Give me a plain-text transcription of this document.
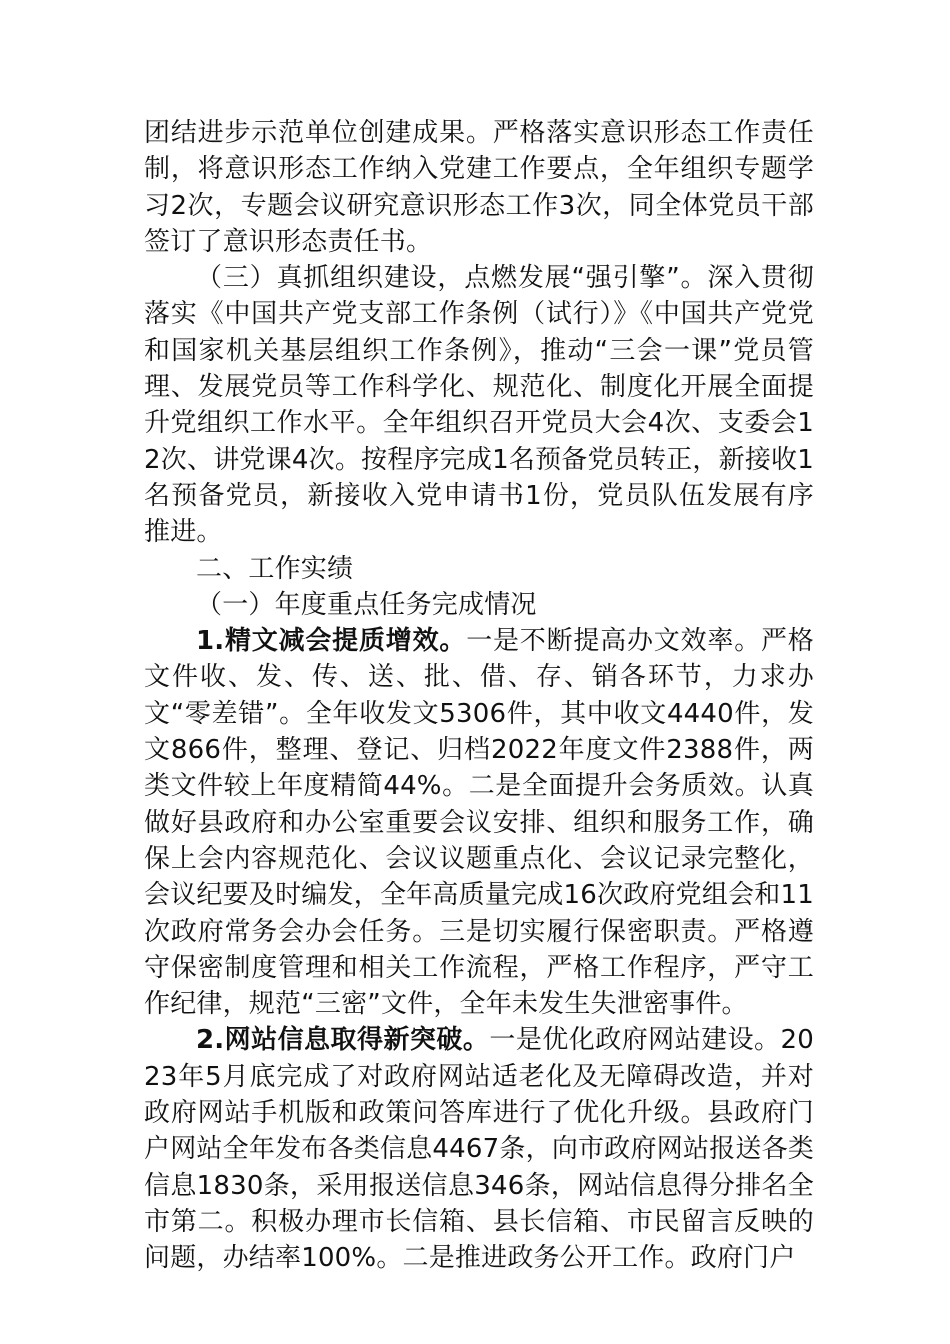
团结进步示范单位创建成果。严格落实意识形态工作责任制，将意识形态工作纳入党建工作要点，全年组织专题学习2次，专题会议研究意识形态工作3次，同全体党员干部签订了意识形态责任书。

（三）真抓组织建设，点燃发展“强引擎”。深入贯彻落实《中国共产党支部工作条例（试行）》《中国共产党党和国家机关基层组织工作条例》，推动“三会一课”党员管理、发展党员等工作科学化、规范化、制度化开展全面提升党组织工作水平。全年组织召开党员大会4次、支委会12次、讲党课4次。按程序完成1名预备党员转正，新接收1名预备党员，新接收入党申请书1份，党员队伍发展有序推进。

二、工作实绩

（一）年度重点任务完成情况

1.精文减会提质增效。一是不断提高办文效率。严格文件收、发、传、送、批、借、存、销各环节，力求办文“零差错”。全年收发文5306件，其中收文4440件，发文866件，整理、登记、归档2022年度文件2388件，两类文件较上年度精简44%。二是全面提升会务质效。认真做好县政府和办公室重要会议安排、组织和服务工作，确保上会内容规范化、会议议题重点化、会议记录完整化，会议纪要及时编发，全年高质量完成16次政府党组会和11次政府常务会办会任务。三是切实履行保密职责。严格遵守保密制度管理和相关工作流程，严格工作程序，严守工作纪律，规范“三密”文件，全年未发生失泄密事件。

2.网站信息取得新突破。一是优化政府网站建设。2023年5月底完成了对政府网站适老化及无障碍改造，并对政府网站手机版和政策问答库进行了优化升级。县政府门户网站全年发布各类信息4467条，向市政府网站报送各类信息1830条，采用报送信息346条，网站信息得分排名全市第二。积极办理市长信箱、县长信箱、市民留言反映的问题，办结率100%。二是推进政务公开工作。政府门户
